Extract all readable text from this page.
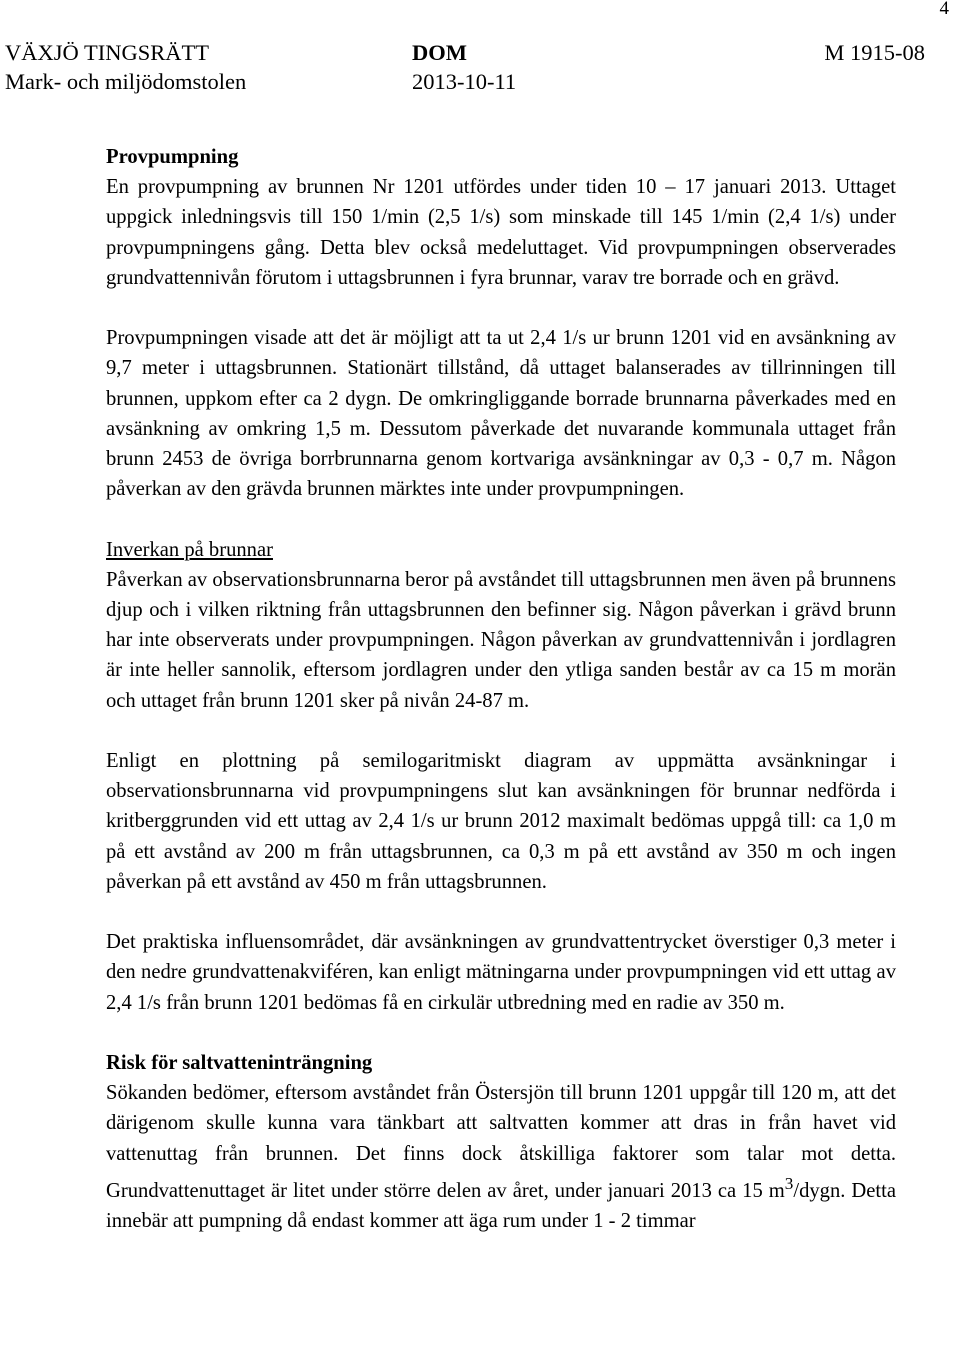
4
VÄXJÖ TINGSRÄTT	DOM	M 1915-08
Mark- och miljödomstolen	2013-10-11
Provpumpning

En provpumpning av brunnen Nr 1201 utfördes under tiden 10 – 17 januari 2013. Uttaget uppgick inledningsvis till 150 1/min (2,5 1/s) som minskade till 145 1/min (2,4 1/s) under provpumpningens gång. Detta blev också medeluttaget. Vid provpumpningen observerades grundvattennivån förutom i uttagsbrunnen i fyra brunnar, varav tre borrade och en grävd.

Provpumpningen visade att det är möjligt att ta ut 2,4 1/s ur brunn 1201 vid en avsänkning av 9,7 meter i uttagsbrunnen. Stationärt tillstånd, då uttaget balanserades av tillrinningen till brunnen, uppkom efter ca 2 dygn. De omkringliggande borrade brunnarna påverkades med en avsänkning av omkring 1,5 m. Dessutom påverkade det nuvarande kommunala uttaget från brunn 2453 de övriga borrbrunnarna genom kortvariga avsänkningar av 0,3 - 0,7 m. Någon påverkan av den grävda brunnen märktes inte under provpumpningen.

Inverkan på brunnar

Påverkan av observationsbrunnarna beror på avståndet till uttagsbrunnen men även på brunnens djup och i vilken riktning från uttagsbrunnen den befinner sig. Någon påverkan i grävd brunn har inte observerats under provpumpningen. Någon påverkan av grundvattennivån i jordlagren är inte heller sannolik, eftersom jordlagren under den ytliga sanden består av ca 15 m morän och uttaget från brunn 1201 sker på nivån 24-87 m.

Enligt en plottning på semilogaritmiskt diagram av uppmätta avsänkningar i observationsbrunnarna vid provpumpningens slut kan avsänkningen för brunnar nedförda i kritberggrunden vid ett uttag av 2,4 1/s ur brunn 2012 maximalt bedömas uppgå till: ca 1,0 m på ett avstånd av 200 m från uttagsbrunnen, ca 0,3 m på ett avstånd av 350 m och ingen påverkan på ett avstånd av 450 m från uttagsbrunnen.

Det praktiska influensområdet, där avsänkningen av grundvattentrycket överstiger 0,3 meter i den nedre grundvattenakviféren, kan enligt mätningarna under provpumpningen vid ett uttag av 2,4 1/s från brunn 1201 bedömas få en cirkulär utbredning med en radie av 350 m.

Risk för saltvatteninträngning

Sökanden bedömer, eftersom avståndet från Östersjön till brunn 1201 uppgår till 120 m, att det därigenom skulle kunna vara tänkbart att saltvatten kommer att dras in från havet vid vattenuttag från brunnen. Det finns dock åtskilliga faktorer som talar mot detta. Grundvattenuttaget är litet under större delen av året, under januari 2013 ca 15 $m^3$/dygn. Detta innebär att pumpning då endast kommer att äga rum under 1 - 2 timmar
